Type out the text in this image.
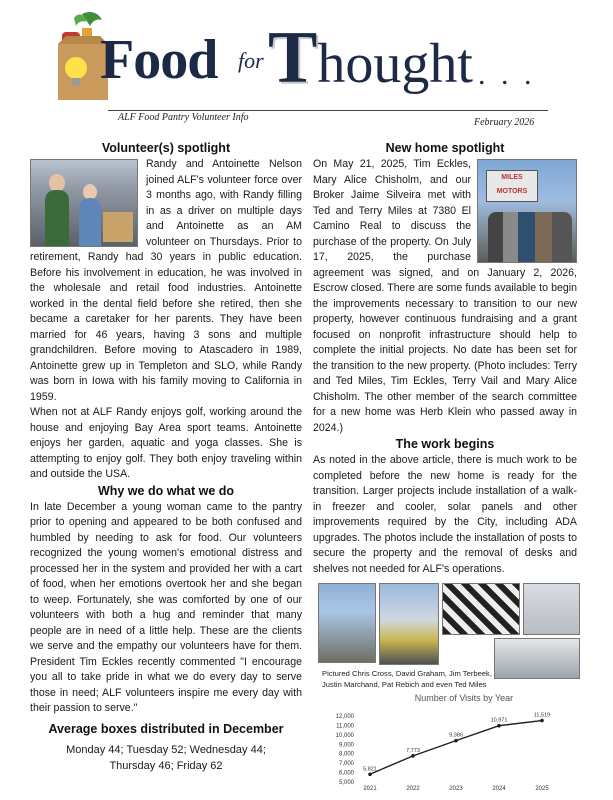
Food for Thought . . .
ALF Food Pantry Volunteer Info	February 2026
Volunteer(s) spotlight

Randy and Antoinette Nelson joined ALF's volunteer force over 3 months ago, with Randy filling in as a driver on multiple days and Antoinette as an AM volunteer on Thursdays. Prior to retirement, Randy had 30 years in public education. Before his involvement in education, he was involved in the wholesale and retail food industries. Antoinette worked in the dental field before she retired, then she became a caretaker for her parents. They have been married for 46 years, having 3 sons and multiple grandchildren. Before moving to Atascadero in 1989, Antoinette grew up in Templeton and SLO, while Randy was born in Iowa with his family moving to California in 1959.

When not at ALF Randy enjoys golf, working around the house and enjoying Bay Area sport teams. Antoinette enjoys her garden, aquatic and yoga classes. She is attempting to enjoy golf. They both enjoy traveling within and outside the USA.

Why we do what we do

In late December a young woman came to the pantry prior to opening and appeared to be both confused and humbled by needing to ask for food. Our volunteers recognized the young women's emotional distress and processed her in the system and provided her with a cart of food, when her emotions overtook her and she began to weep. Fortunately, she was comforted by one of our volunteers with both a hug and reminder that many people are in need of a little help. These are the clients we serve and the empathy our volunteers have for them. President Tim Eckles recently commented "I encourage you all to take pride in what we do every day to serve those in need; ALF volunteers inspire me every day with their passion to serve."

Average boxes distributed in December
Monday 44; Tuesday 52; Wednesday 44;
Thursday 46; Friday 62
New home spotlight
MILES MOTORS

On May 21, 2025, Tim Eckles, Mary Alice Chisholm, and our Broker Jaime Silveira met with Ted and Terry Miles at 7380 El Camino Real to discuss the purchase of the property. On July 17, 2025, the purchase agreement was signed, and on January 2, 2026, Escrow closed. There are some funds available to begin the improvements necessary to transition to our new property, however continuous fundraising and a grant focused on nonprofit infrastructure should help to complete the initial projects. No date has been set for the transition to the new property. (Photo includes: Terry and Ted Miles, Tim Eckles, Terry Vail and Mary Alice Chisholm. The other member of the search committee for a new home was Herb Klein who passed away in 2024.)

The work begins

As noted in the above article, there is much work to be completed before the new home is ready for the transition. Larger projects include installation of a walk-in freezer and cooler, solar panels and other improvements required by the City, including ADA upgrades. The photos include the installation of posts to secure the property and the removal of desks and shelves not needed for ALF's operations.

Pictured Chris Cross, David Graham, Jim Terbeek,
Justin Marchand, Pat Rebich and even Ted Miles
Number of Visits by Year
12,000
11,000
10,000
9,000
8,000
7,000
6,000
5,000
2021	2022	2023	2024	2025
5,821
7,773
9,386
10,971
11,519
